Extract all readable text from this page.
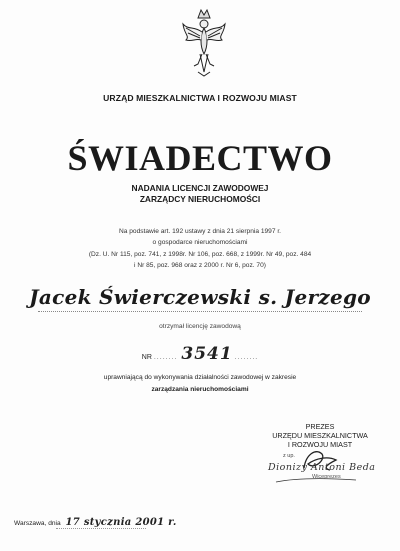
URZĄD MIESZKALNICTWA I ROZWOJU MIAST
ŚWIADECTWO
NADANIA LICENCJI ZAWODOWEJ
ZARZĄDCY NIERUCHOMOŚCI
Na podstawie art. 192 ustawy z dnia 21 sierpnia 1997 r.
o gospodarce nieruchomościami
(Dz. U. Nr 115, poz. 741, z 1998r. Nr 106, poz. 668, z 1999r. Nr 49, poz. 484
i Nr 85, poz. 968 oraz z 2000 r. Nr 6, poz. 70)
Jacek Świerczewski s. Jerzego
otrzymał licencję zawodową
NR ........ 3541 ........
uprawniającą do wykonywania działalności zawodowej w zakresie
zarządzania nieruchomościami
PREZES
URZĘDU MIESZKALNICTWA
I ROZWOJU MIAST
z up.
Dionizy Antoni Beda
Wiceprezes
Warszawa, dnia 17 stycznia 2001 r.
